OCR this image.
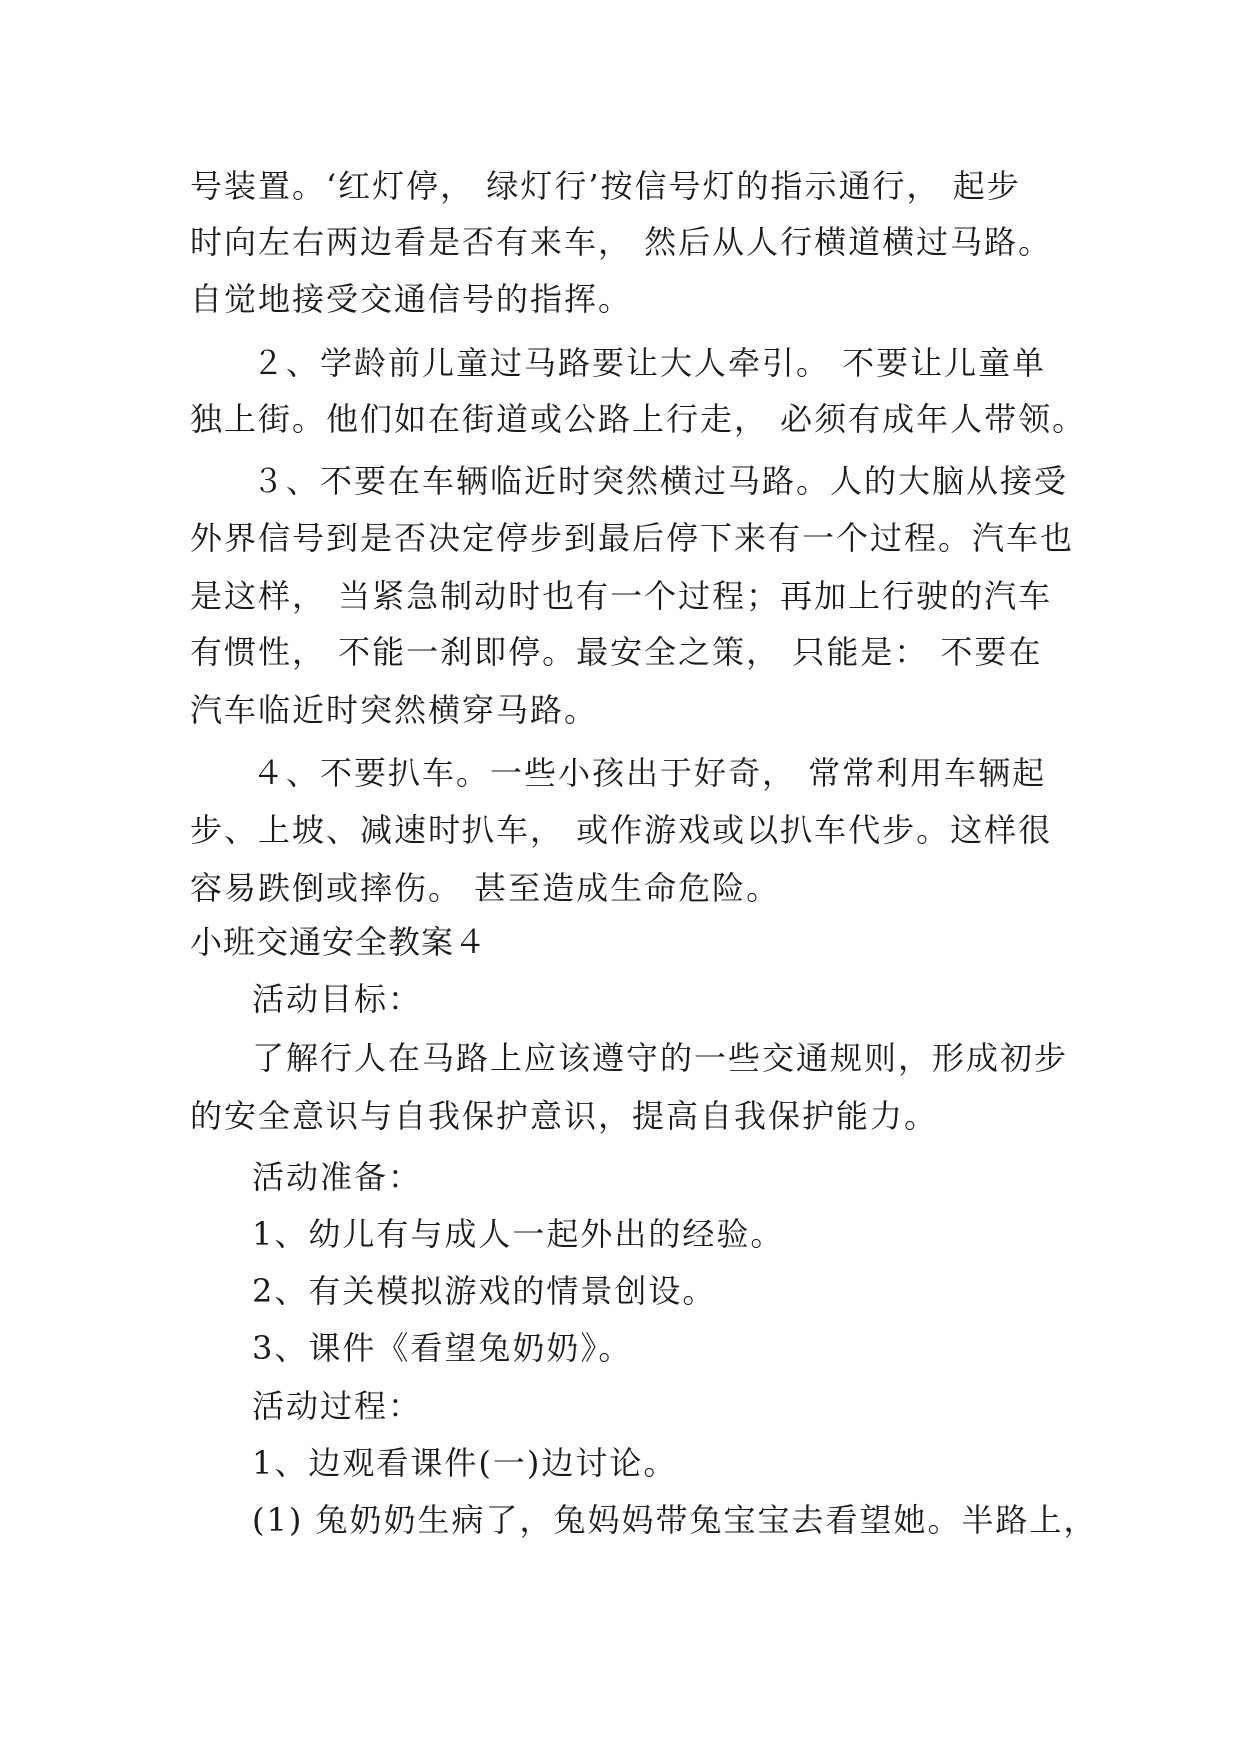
号装置。‘红灯停， 绿灯行’按信号灯的指示通行， 起步
时向左右两边看是否有来车， 然后从人行横道横过马路。
自觉地接受交通信号的指挥。
２、学龄前儿童过马路要让大人牵引。 不要让儿童单
独上街。他们如在街道或公路上行走， 必须有成年人带领。
３、不要在车辆临近时突然横过马路。人的大脑从接受
外界信号到是否决定停步到最后停下来有一个过程。汽车也
是这样， 当紧急制动时也有一个过程；再加上行驶的汽车
有惯性， 不能一刹即停。最安全之策， 只能是： 不要在
汽车临近时突然横穿马路。
４、不要扒车。一些小孩出于好奇， 常常利用车辆起
步、上坡、减速时扒车， 或作游戏或以扒车代步。这样很
容易跌倒或摔伤。 甚至造成生命危险。
小班交通安全教案４
活动目标：
了解行人在马路上应该遵守的一些交通规则，形成初步
的安全意识与自我保护意识，提高自我保护能力。
活动准备：
1、幼儿有与成人一起外出的经验。
2、有关模拟游戏的情景创设。
3、课件《看望兔奶奶》。
活动过程：
1、边观看课件(一)边讨论。
(1) 兔奶奶生病了，兔妈妈带兔宝宝去看望她。半路上，
